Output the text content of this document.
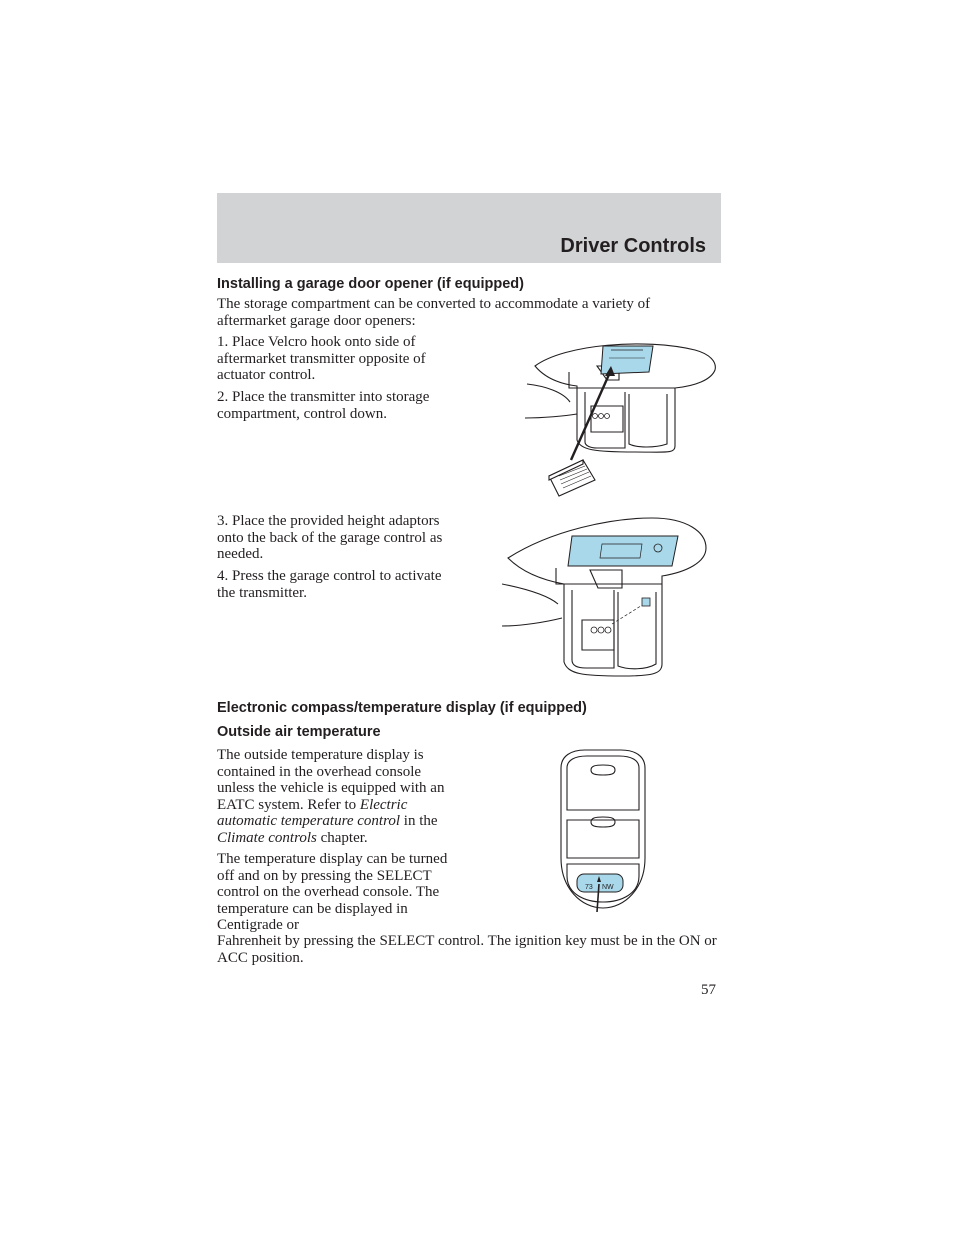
Driver Controls
Installing a garage door opener (if equipped)

The storage compartment can be converted to accommodate a variety of aftermarket garage door openers:

1. Place Velcro hook onto side of aftermarket transmitter opposite of actuator control.

2. Place the transmitter into storage compartment, control down.

3. Place the provided height adaptors onto the back of the garage control as needed.

4. Press the garage control to activate the transmitter.

Electronic compass/temperature display (if equipped)
Outside air temperature

The outside temperature display is contained in the overhead console unless the vehicle is equipped with an EATC system. Refer to Electric automatic temperature control in the Climate controls chapter.

The temperature display can be turned off and on by pressing the SELECT control on the overhead console. The temperature can be displayed in Centigrade or

Fahrenheit by pressing the SELECT control. The ignition key must be in the ON or ACC position.

73 NW
57
